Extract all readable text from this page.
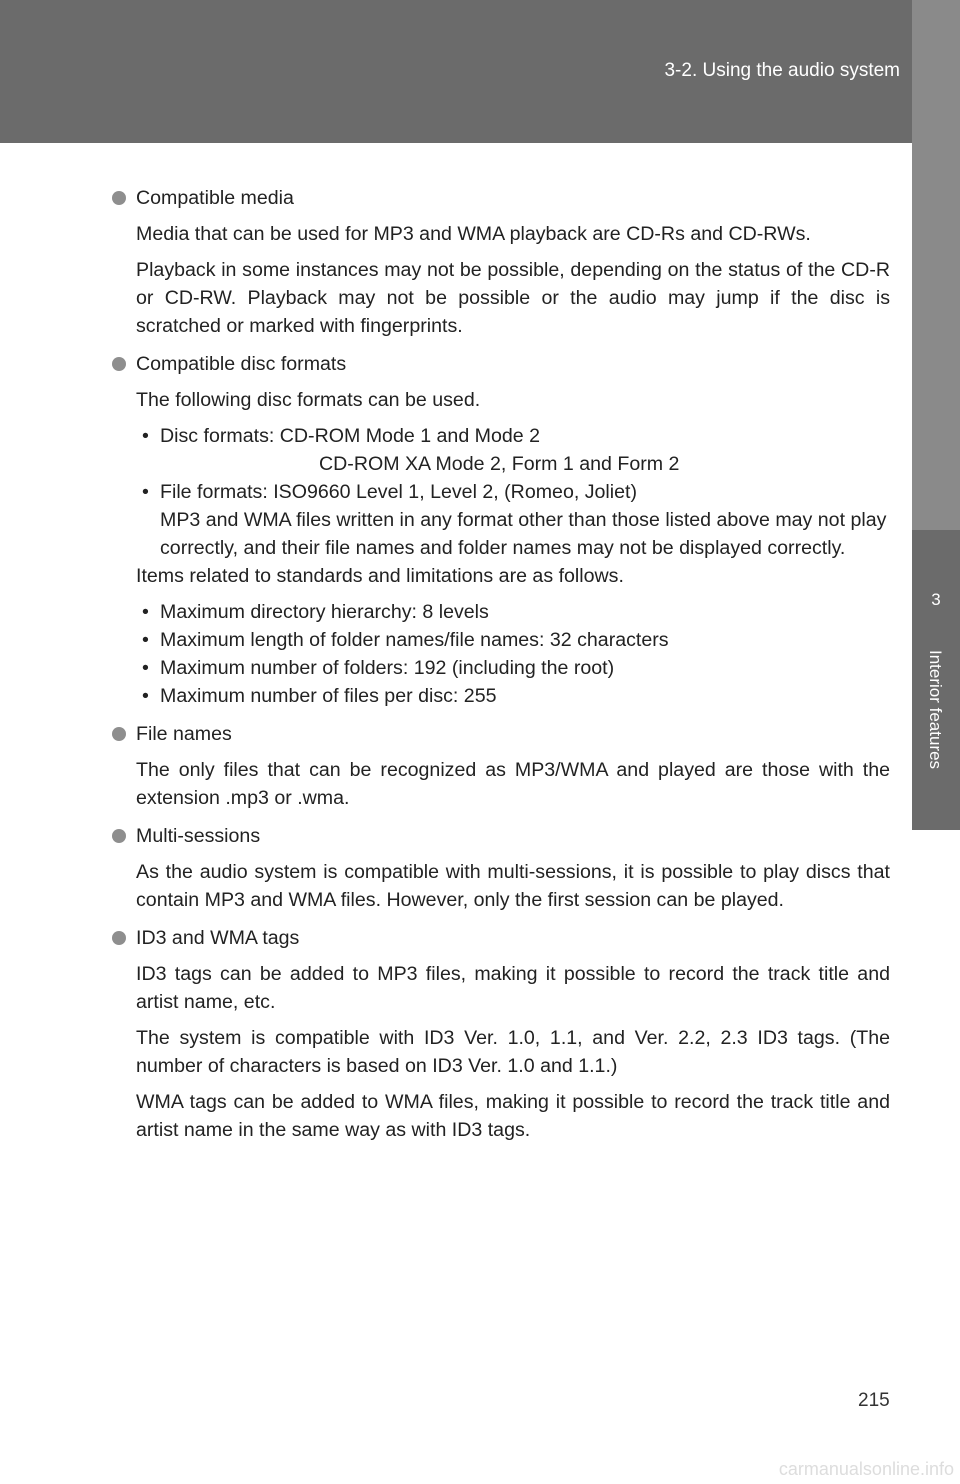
3-2. Using the audio system
3
Interior features
Compatible media
Media that can be used for MP3 and WMA playback are CD-Rs and CD-RWs.
Playback in some instances may not be possible, depending on the status of the CD-R or CD-RW. Playback may not be possible or the audio may jump if the disc is scratched or marked with fingerprints.
Compatible disc formats
The following disc formats can be used.
• Disc formats: CD-ROM Mode 1 and Mode 2
CD-ROM XA Mode 2, Form 1 and Form 2
• File formats: ISO9660 Level 1, Level 2, (Romeo, Joliet)
MP3 and WMA files written in any format other than those listed above may not play correctly, and their file names and folder names may not be displayed correctly.
Items related to standards and limitations are as follows.
• Maximum directory hierarchy: 8 levels
• Maximum length of folder names/file names: 32 characters
• Maximum number of folders: 192 (including the root)
• Maximum number of files per disc: 255
File names
The only files that can be recognized as MP3/WMA and played are those with the extension .mp3 or .wma.
Multi-sessions
As the audio system is compatible with multi-sessions, it is possible to play discs that contain MP3 and WMA files. However, only the first session can be played.
ID3 and WMA tags
ID3 tags can be added to MP3 files, making it possible to record the track title and artist name, etc.
The system is compatible with ID3 Ver. 1.0, 1.1, and Ver. 2.2, 2.3 ID3 tags. (The number of characters is based on ID3 Ver. 1.0 and 1.1.)
WMA tags can be added to WMA files, making it possible to record the track title and artist name in the same way as with ID3 tags.
215
carmanualsonline.info
